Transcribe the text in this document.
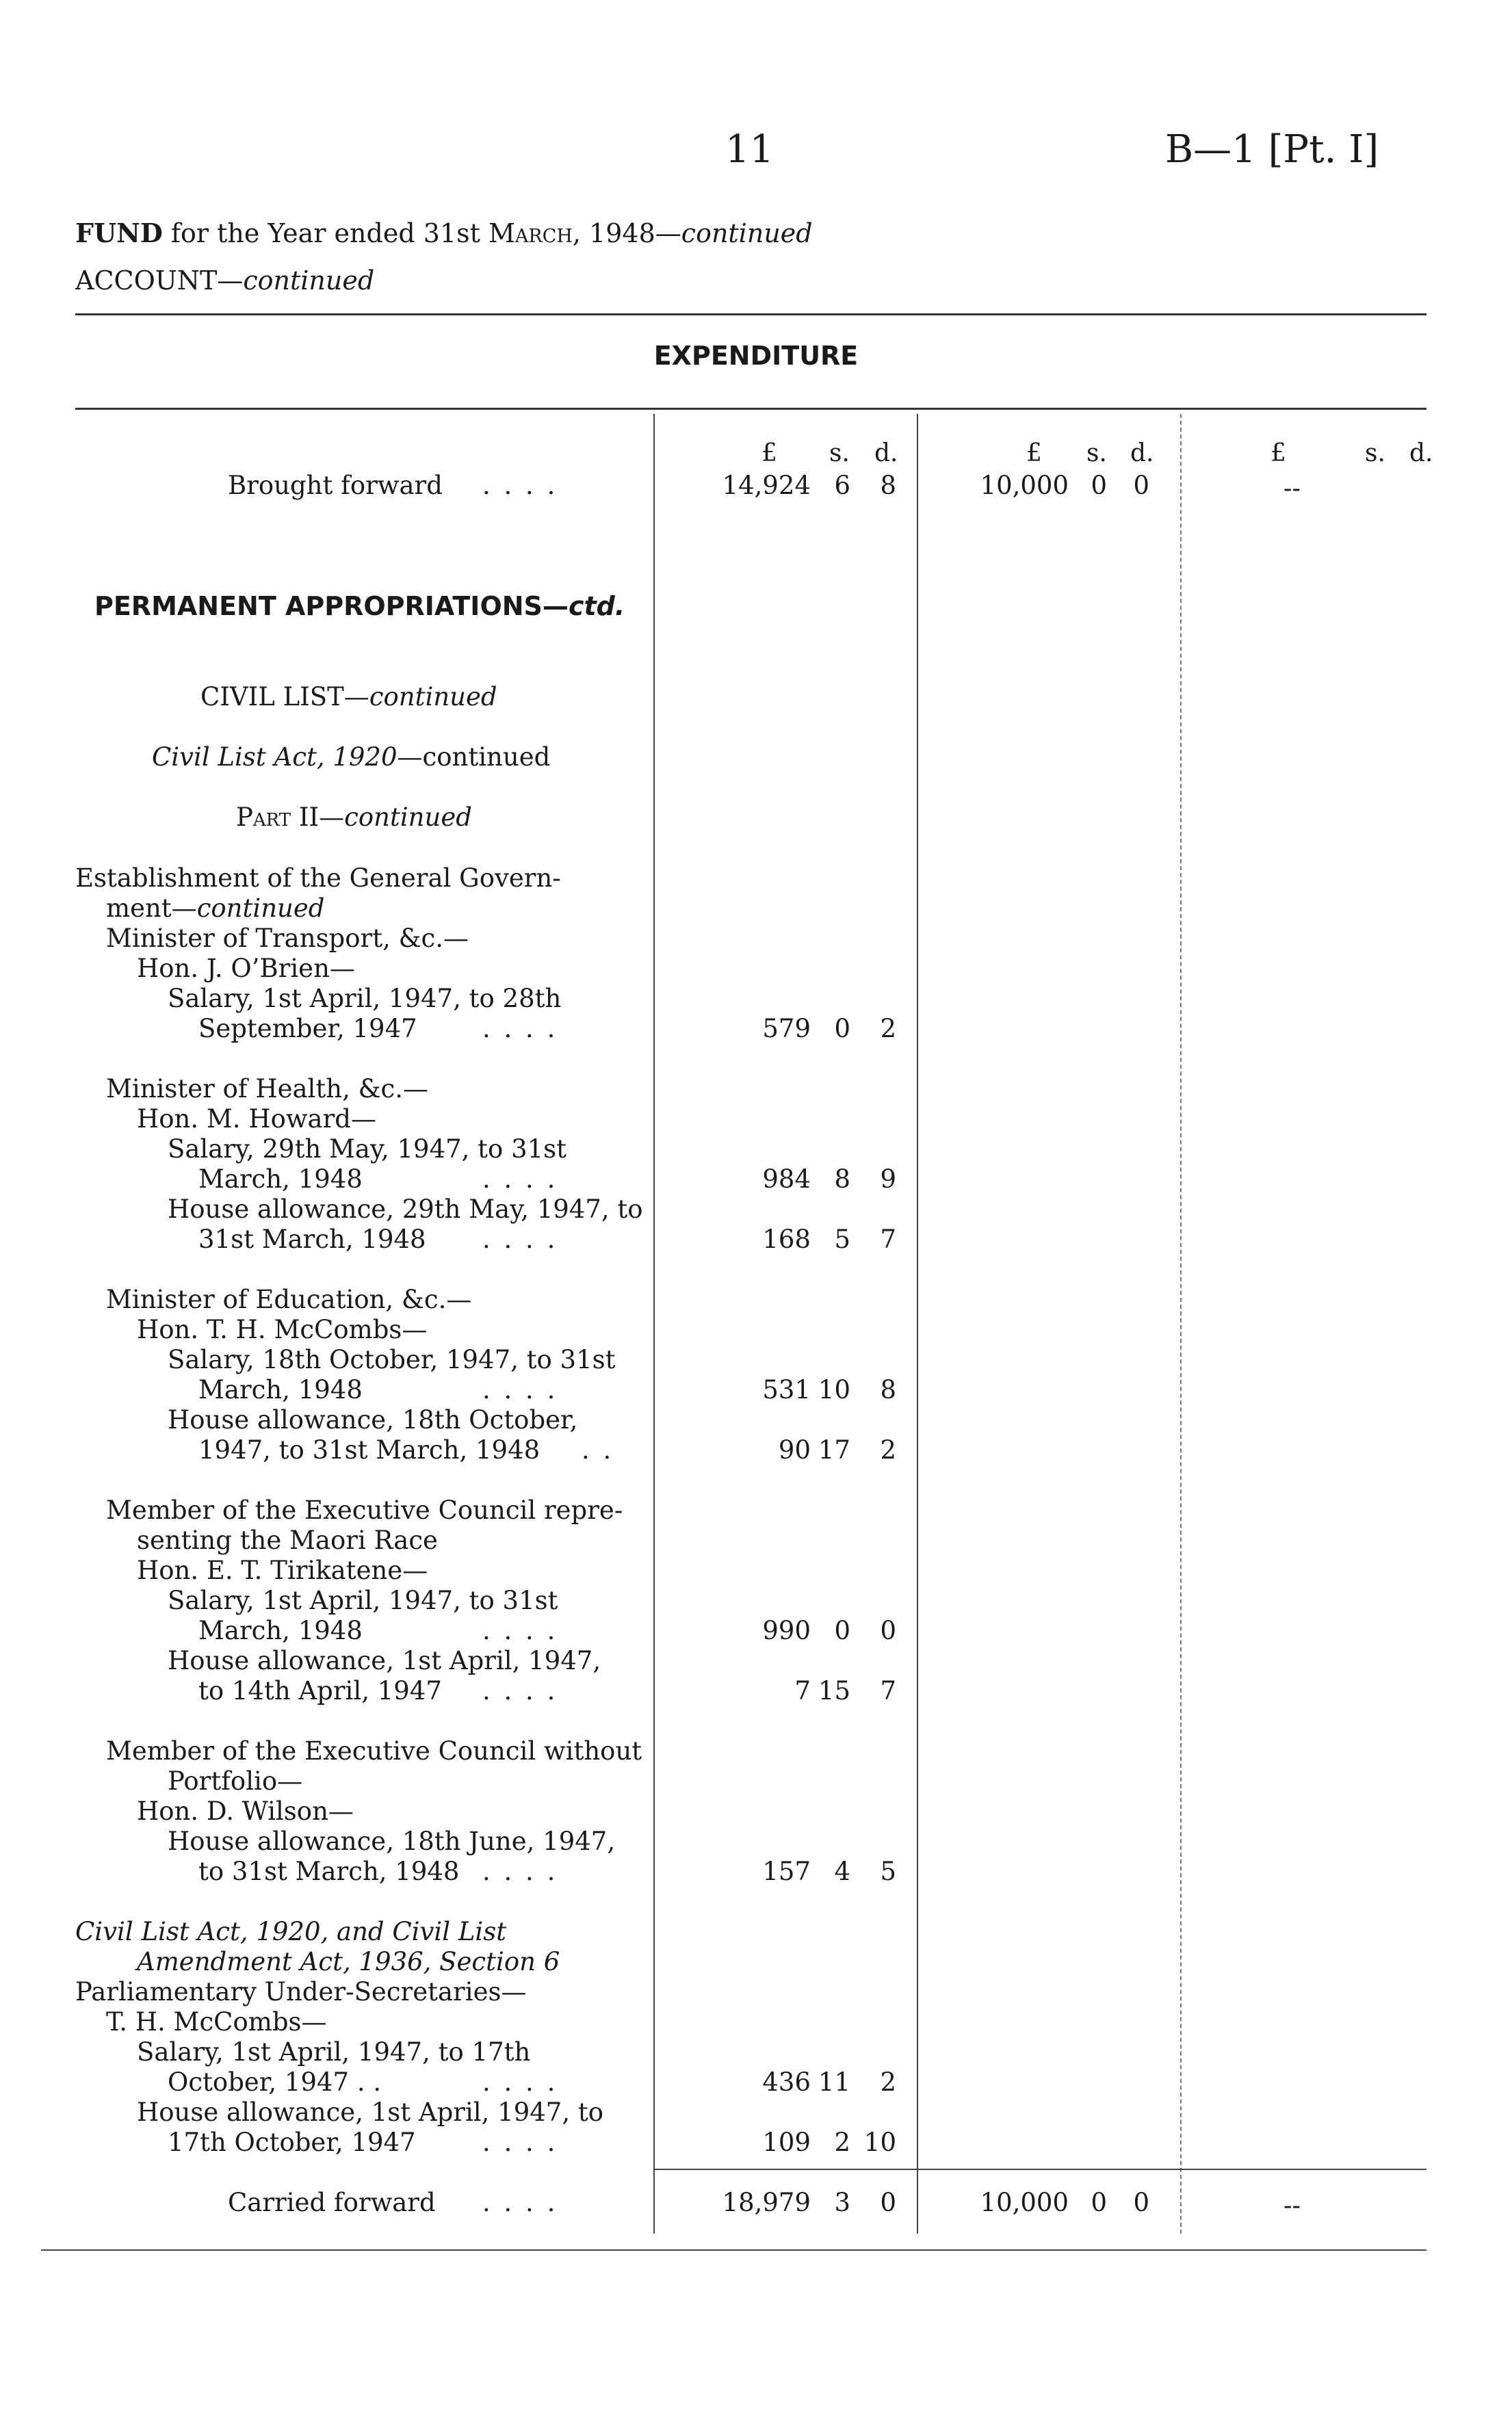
11	B—1 [Pt. I]
FUND for the Year ended 31st March, 1948—continued
ACCOUNT—continued
EXPENDITURE
£ s. d.	£ s. d.	£	s. d.
Brought forward . . . .	14,924 6 8	10,000 0 0	--
PERMANENT APPROPRIATIONS—ctd.
CIVIL LIST—continued
Civil List Act, 1920—continued
Part II—continued
Establishment of the General Govern-
ment—continued
Minister of Transport, &c.—
Hon. J. O’Brien—
Salary, 1st April, 1947, to 28th
September, 1947	. . . .	579 0 2
Minister of Health, &c.—
Hon. M. Howard—
Salary, 29th May, 1947, to 31st
March, 1948	. . . .	984 8 9
House allowance, 29th May, 1947, to
31st March, 1948 . . . .	168 5 7
Minister of Education, &c.—
Hon. T. H. McCombs—
Salary, 18th October, 1947, to 31st
March, 1948	. . . .	531 10 8
House allowance, 18th October,
1947, to 31st March, 1948 . .	90 17 2
Member of the Executive Council repre-
senting the Maori Race
Hon. E. T. Tirikatene—
Salary, 1st April, 1947, to 31st
March, 1948	. . . .	990 0 0
House allowance, 1st April, 1947,
to 14th April, 1947 . . . .	7 15 7
Member of the Executive Council without
Portfolio—
Hon. D. Wilson—
House allowance, 18th June, 1947,
to 31st March, 1948 . . . .	157 4 5
Civil List Act, 1920, and Civil List
Amendment Act, 1936, Section 6
Parliamentary Under-Secretaries—
T. H. McCombs—
Salary, 1st April, 1947, to 17th
October, 1947 . .	. . . .	436 11 2
House allowance, 1st April, 1947, to
17th October, 1947	. . . .	109 2 10
Carried forward . . . .	18,979 3 0	10,000 0 0	--
